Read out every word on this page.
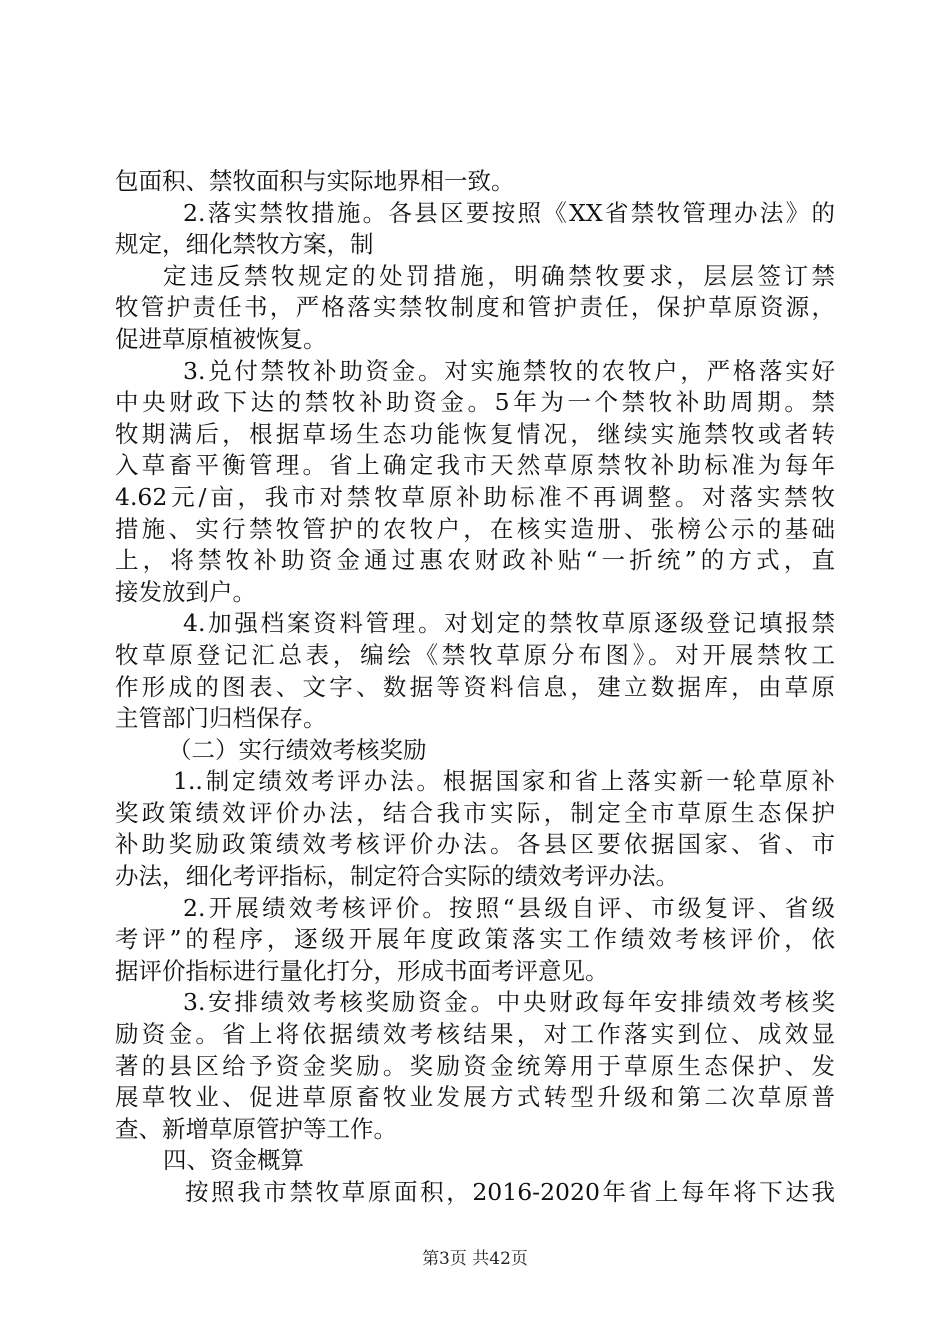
包面积、禁牧面积与实际地界相一致。
2.落实禁牧措施。各县区要按照《XX省禁牧管理办法》的
规定，细化禁牧方案，制
定违反禁牧规定的处罚措施，明确禁牧要求，层层签订禁
牧管护责任书，严格落实禁牧制度和管护责任，保护草原资源，
促进草原植被恢复。
3.兑付禁牧补助资金。对实施禁牧的农牧户，严格落实好
中央财政下达的禁牧补助资金。5年为一个禁牧补助周期。禁
牧期满后，根据草场生态功能恢复情况，继续实施禁牧或者转
入草畜平衡管理。省上确定我市天然草原禁牧补助标准为每年
4.62元/亩，我市对禁牧草原补助标准不再调整。对落实禁牧
措施、实行禁牧管护的农牧户，在核实造册、张榜公示的基础
上，将禁牧补助资金通过惠农财政补贴“一折统”的方式，直
接发放到户。
4.加强档案资料管理。对划定的禁牧草原逐级登记填报禁
牧草原登记汇总表，编绘《禁牧草原分布图》。对开展禁牧工
作形成的图表、文字、数据等资料信息，建立数据库，由草原
主管部门归档保存。
（二）实行绩效考核奖励
1..制定绩效考评办法。根据国家和省上落实新一轮草原补
奖政策绩效评价办法，结合我市实际，制定全市草原生态保护
补助奖励政策绩效考核评价办法。各县区要依据国家、省、市
办法，细化考评指标，制定符合实际的绩效考评办法。
2.开展绩效考核评价。按照“县级自评、市级复评、省级
考评”的程序，逐级开展年度政策落实工作绩效考核评价，依
据评价指标进行量化打分，形成书面考评意见。
3.安排绩效考核奖励资金。中央财政每年安排绩效考核奖
励资金。省上将依据绩效考核结果，对工作落实到位、成效显
著的县区给予资金奖励。奖励资金统筹用于草原生态保护、发
展草牧业、促进草原畜牧业发展方式转型升级和第二次草原普
查、新增草原管护等工作。
四、资金概算
按照我市禁牧草原面积，2016-2020年省上每年将下达我
第3页 共42页
